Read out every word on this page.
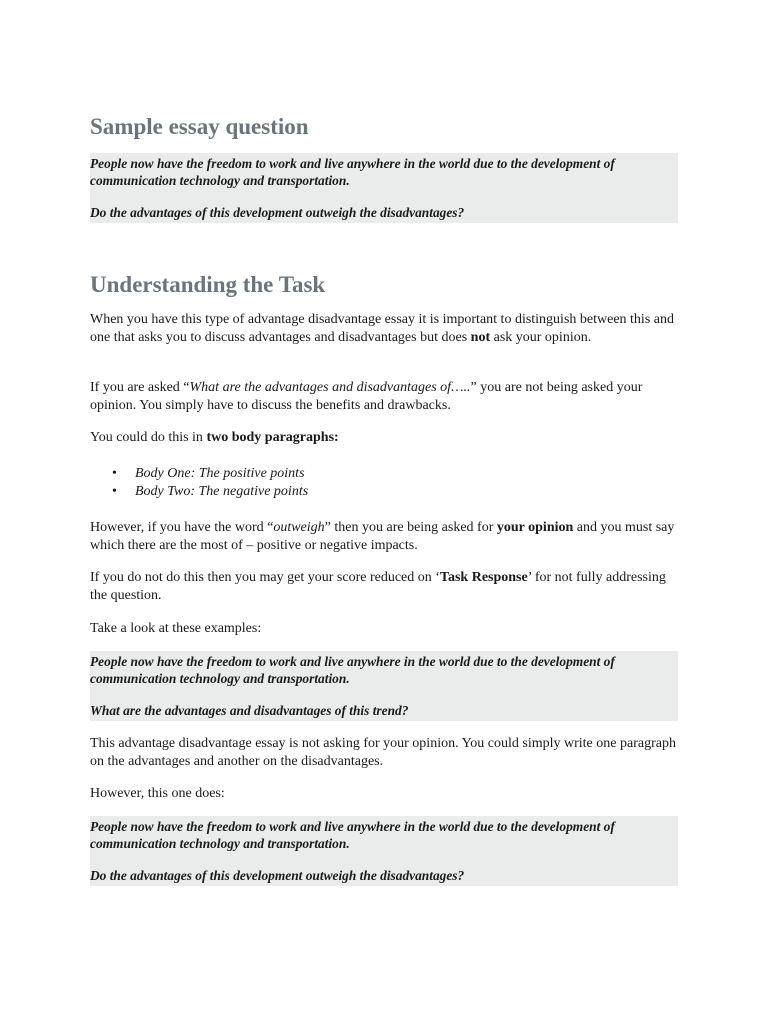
Sample essay question

People now have the freedom to work and live anywhere in the world due to the development of communication technology and transportation.

Do the advantages of this development outweigh the disadvantages?

Understanding the Task

When you have this type of advantage disadvantage essay it is important to distinguish between this and one that asks you to discuss advantages and disadvantages but does not ask your opinion.

If you are asked “What are the advantages and disadvantages of…..” you are not being asked your opinion. You simply have to discuss the benefits and drawbacks.

You could do this in two body paragraphs:

• Body One: The positive points
• Body Two: The negative points

However, if you have the word “outweigh” then you are being asked for your opinion and you must say which there are the most of – positive or negative impacts.

If you do not do this then you may get your score reduced on ‘Task Response’ for not fully addressing the question.

Take a look at these examples:

People now have the freedom to work and live anywhere in the world due to the development of communication technology and transportation.

What are the advantages and disadvantages of this trend?

This advantage disadvantage essay is not asking for your opinion. You could simply write one paragraph on the advantages and another on the disadvantages.

However, this one does:

People now have the freedom to work and live anywhere in the world due to the development of communication technology and transportation.

Do the advantages of this development outweigh the disadvantages?
